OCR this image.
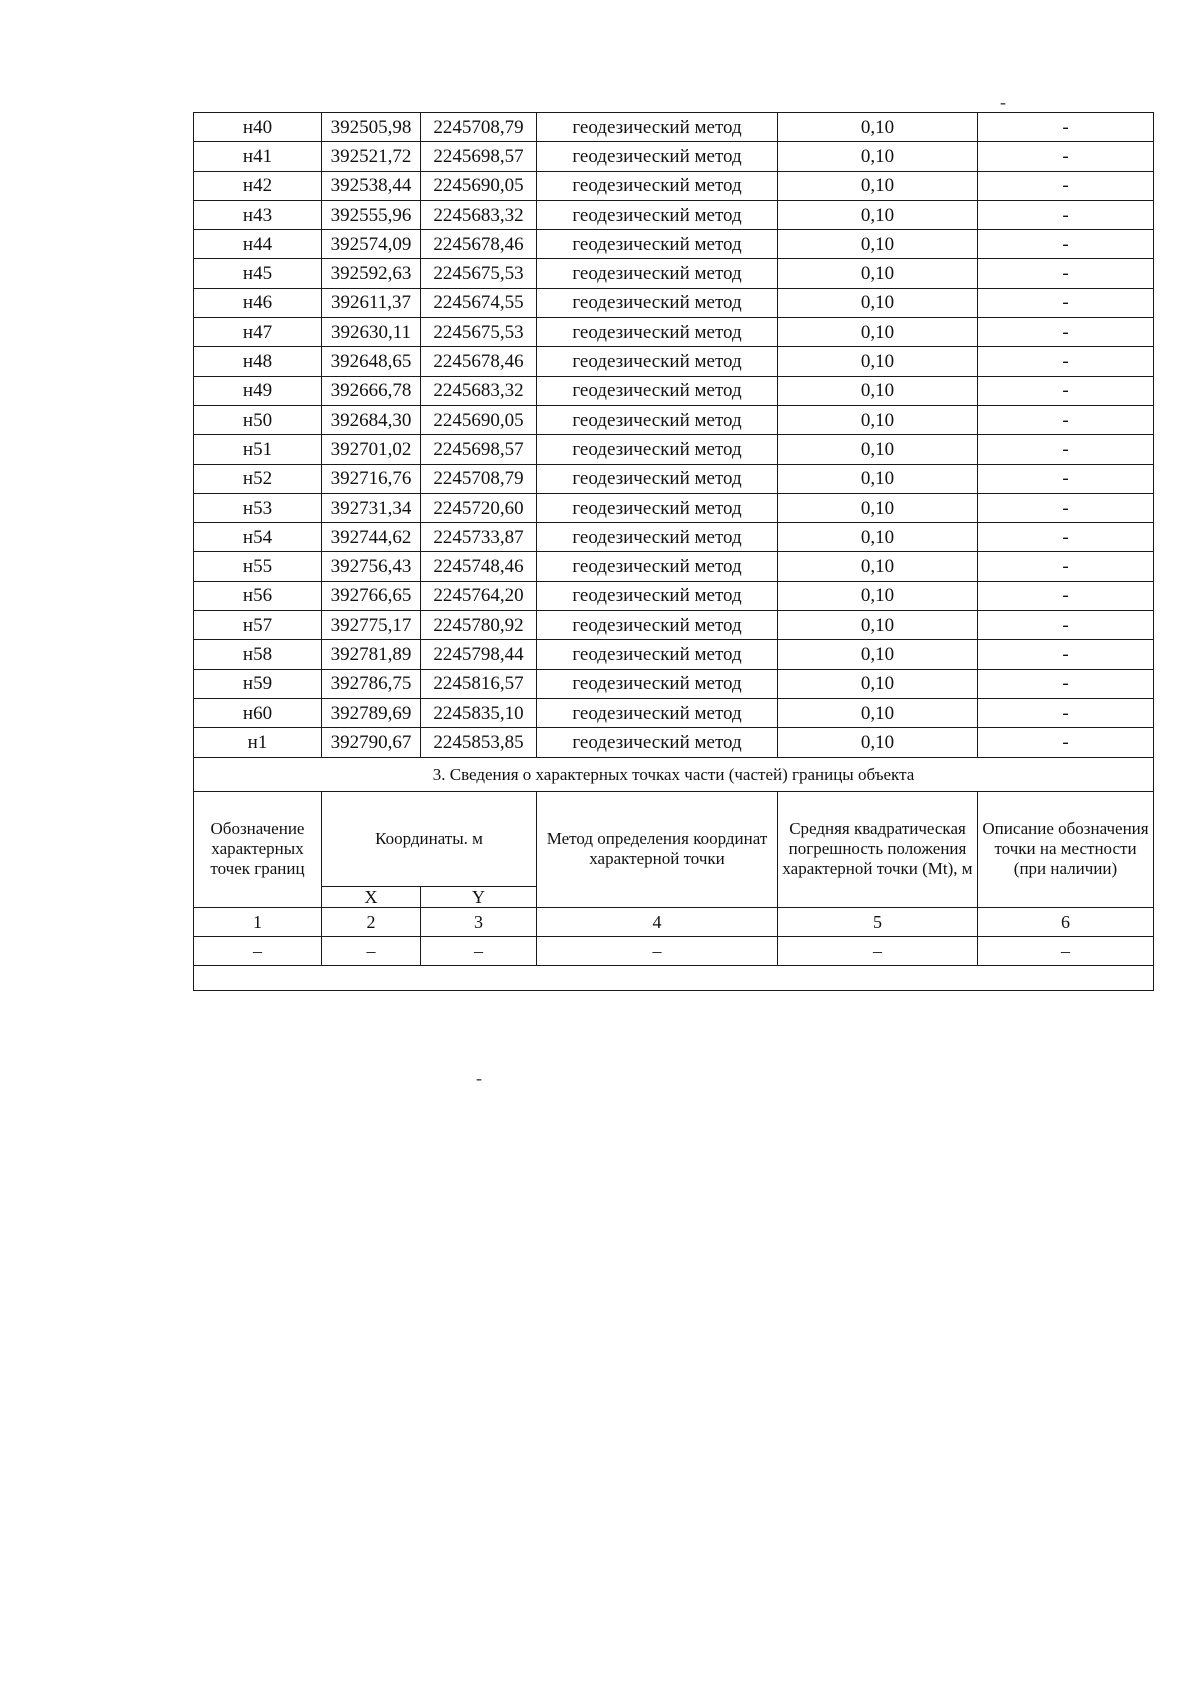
-
н40	392505,98	2245708,79	геодезический метод	0,10	-
н41	392521,72	2245698,57	геодезический метод	0,10	-
н42	392538,44	2245690,05	геодезический метод	0,10	-
н43	392555,96	2245683,32	геодезический метод	0,10	-
н44	392574,09	2245678,46	геодезический метод	0,10	-
н45	392592,63	2245675,53	геодезический метод	0,10	-
н46	392611,37	2245674,55	геодезический метод	0,10	-
н47	392630,11	2245675,53	геодезический метод	0,10	-
н48	392648,65	2245678,46	геодезический метод	0,10	-
н49	392666,78	2245683,32	геодезический метод	0,10	-
н50	392684,30	2245690,05	геодезический метод	0,10	-
н51	392701,02	2245698,57	геодезический метод	0,10	-
н52	392716,76	2245708,79	геодезический метод	0,10	-
н53	392731,34	2245720,60	геодезический метод	0,10	-
н54	392744,62	2245733,87	геодезический метод	0,10	-
н55	392756,43	2245748,46	геодезический метод	0,10	-
н56	392766,65	2245764,20	геодезический метод	0,10	-
н57	392775,17	2245780,92	геодезический метод	0,10	-
н58	392781,89	2245798,44	геодезический метод	0,10	-
н59	392786,75	2245816,57	геодезический метод	0,10	-
н60	392789,69	2245835,10	геодезический метод	0,10	-
н1	392790,67	2245853,85	геодезический метод	0,10	-
3. Сведения о характерных точках части (частей) границы объекта					
Обозначение характерных точек границ	Координаты. м		Метод определения координат характерной точки	Средняя квадратическая погрешность положения характерной точки (Mt), м	Описание обозначения точки на местности (при наличии)
	X	Y			
1	2	3	4	5	6
–	–	–	–	–	–

-
